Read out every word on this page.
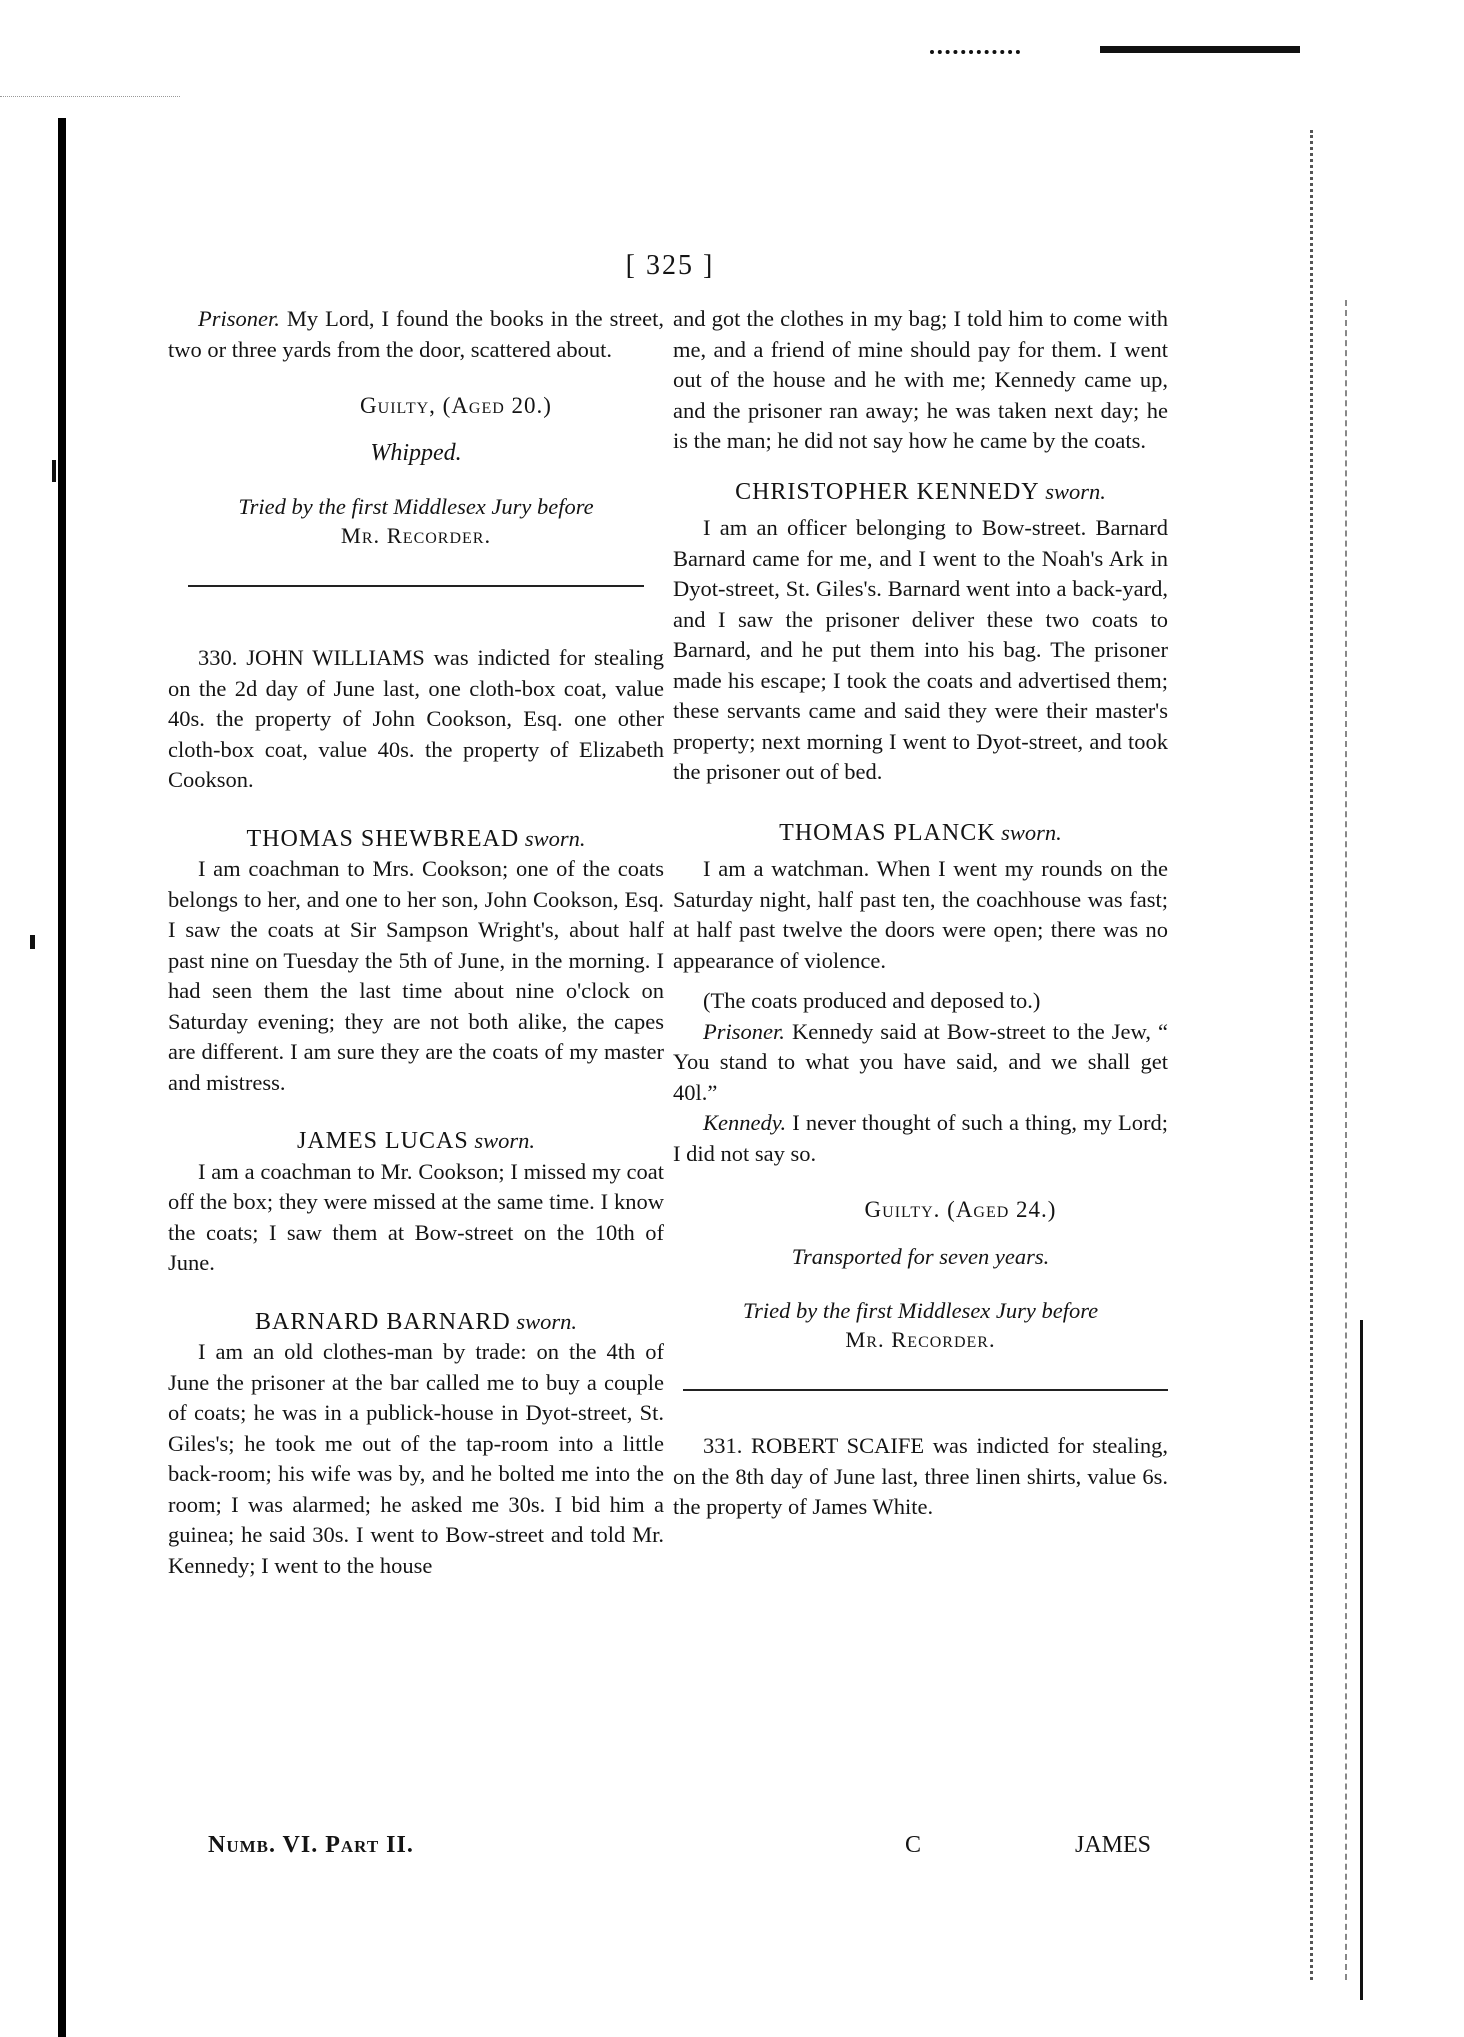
[ 325 ]

Prisoner. My Lord, I found the books in the street, two or three yards from the door, scattered about.

Guilty, (Aged 20.)

Whipped.

Tried by the first Middlesex Jury before

Mr. Recorder.

330. JOHN WILLIAMS was indicted for stealing on the 2d day of June last, one cloth-box coat, value 40s. the property of John Cookson, Esq. one other cloth-box coat, value 40s. the property of Elizabeth Cookson.

THOMAS SHEWBREAD sworn.

I am coachman to Mrs. Cookson; one of the coats belongs to her, and one to her son, John Cookson, Esq. I saw the coats at Sir Sampson Wright's, about half past nine on Tuesday the 5th of June, in the morning. I had seen them the last time about nine o'clock on Saturday evening; they are not both alike, the capes are different. I am sure they are the coats of my master and mistress.

JAMES LUCAS sworn.

I am a coachman to Mr. Cookson; I missed my coat off the box; they were missed at the same time. I know the coats; I saw them at Bow-street on the 10th of June.

BARNARD BARNARD sworn.

I am an old clothes-man by trade: on the 4th of June the prisoner at the bar called me to buy a couple of coats; he was in a publick-house in Dyot-street, St. Giles's; he took me out of the tap-room into a little back-room; his wife was by, and he bolted me into the room; I was alarmed; he asked me 30s. I bid him a guinea; he said 30s. I went to Bow-street and told Mr. Kennedy; I went to the house

Numb. VI. Part II.

and got the clothes in my bag; I told him to come with me, and a friend of mine should pay for them. I went out of the house and he with me; Kennedy came up, and the prisoner ran away; he was taken next day; he is the man; he did not say how he came by the coats.

CHRISTOPHER KENNEDY sworn.

I am an officer belonging to Bow-street. Barnard Barnard came for me, and I went to the Noah's Ark in Dyot-street, St. Giles's. Barnard went into a back-yard, and I saw the prisoner deliver these two coats to Barnard, and he put them into his bag. The prisoner made his escape; I took the coats and advertised them; these servants came and said they were their master's property; next morning I went to Dyot-street, and took the prisoner out of bed.

THOMAS PLANCK sworn.

I am a watchman. When I went my rounds on the Saturday night, half past ten, the coachhouse was fast; at half past twelve the doors were open; there was no appearance of violence.

(The coats produced and deposed to.)

Prisoner. Kennedy said at Bow-street to the Jew, “ You stand to what you have said, and we shall get 40l.”

Kennedy. I never thought of such a thing, my Lord; I did not say so.

Guilty. (Aged 24.)

Transported for seven years.

Tried by the first Middlesex Jury before

Mr. Recorder.

331. ROBERT SCAIFE was indicted for stealing, on the 8th day of June last, three linen shirts, value 6s. the property of James White.

C	JAMES
